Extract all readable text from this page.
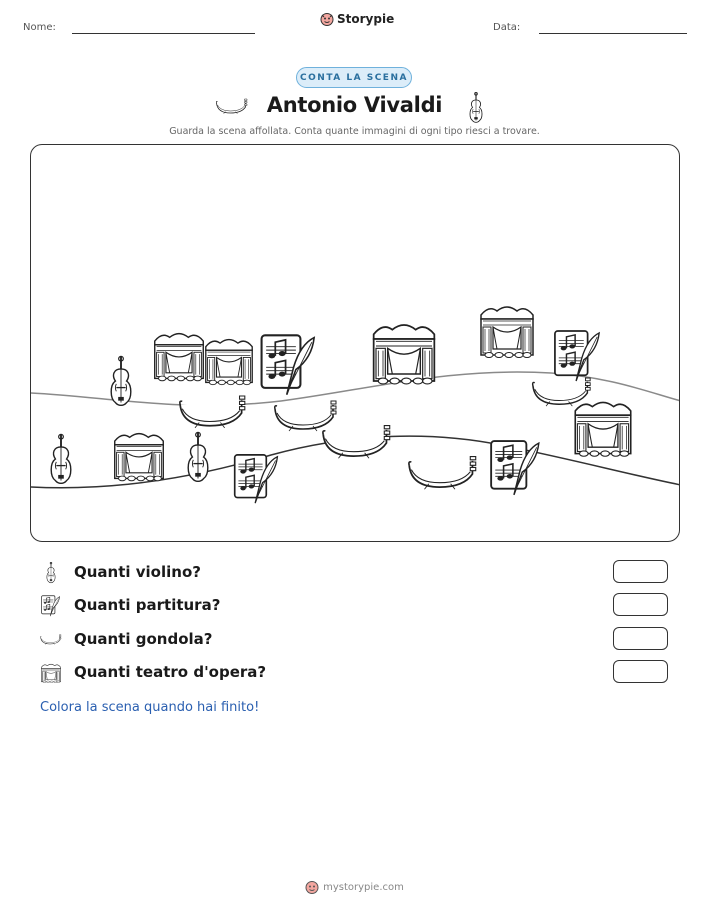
Nome:
Storypie
Data:
CONTA LA SCENA
Antonio Vivaldi
Guarda la scena affollata. Conta quante immagini di ogni tipo riesci a trovare.
Quanti violino?
Quanti partitura?
Quanti gondola?
Quanti teatro d'opera?
Colora la scena quando hai finito!
mystorypie.com
